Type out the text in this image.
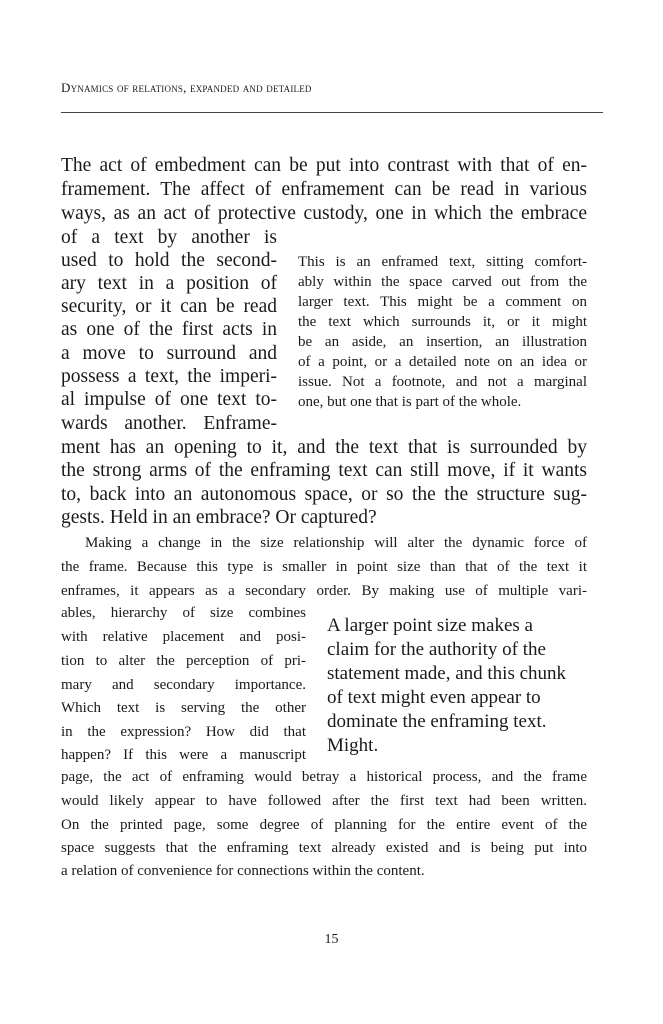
Dynamics of relations, expanded and detailed
The act of embedment can be put into contrast with that of en-
framement. The affect of enframement can be read in various
ways, as an act of protective custody, one in which the embrace
of a text by another is
used to hold the second-
ary text in a position of
security, or it can be read
as one of the first acts in
a move to surround and
possess a text, the imperi-
al impulse of one text to-
wards another. Enframe-
This is an enframed text, sitting comfort-
ably within the space carved out from the
larger text. This might be a comment on
the text which surrounds it, or it might
be an aside, an insertion, an illustration
of a point, or a detailed note on an idea or
issue. Not a footnote, and not a marginal
one, but one that is part of the whole.
ment has an opening to it, and the text that is surrounded by
the strong arms of the enframing text can still move, if it wants
to, back into an autonomous space, or so the the structure sug-
gests. Held in an embrace? Or captured?
Making a change in the size relationship will alter the dynamic force of
the frame. Because this type is smaller in point size than that of the text it
enframes, it appears as a secondary order. By making use of multiple vari-
ables, hierarchy of size combines
with relative placement and posi-
tion to alter the perception of pri-
mary and secondary importance.
Which text is serving the other
in the expression? How did that
happen? If this were a manuscript
A larger point size makes a
claim for the authority of the
statement made, and this chunk
of text might even appear to
dominate the enframing text.
Might.
page, the act of enframing would betray a historical process, and the frame
would likely appear to have followed after the first text had been written.
On the printed page, some degree of planning for the entire event of the
space suggests that the enframing text already existed and is being put into
a relation of convenience for connections within the content.
15
